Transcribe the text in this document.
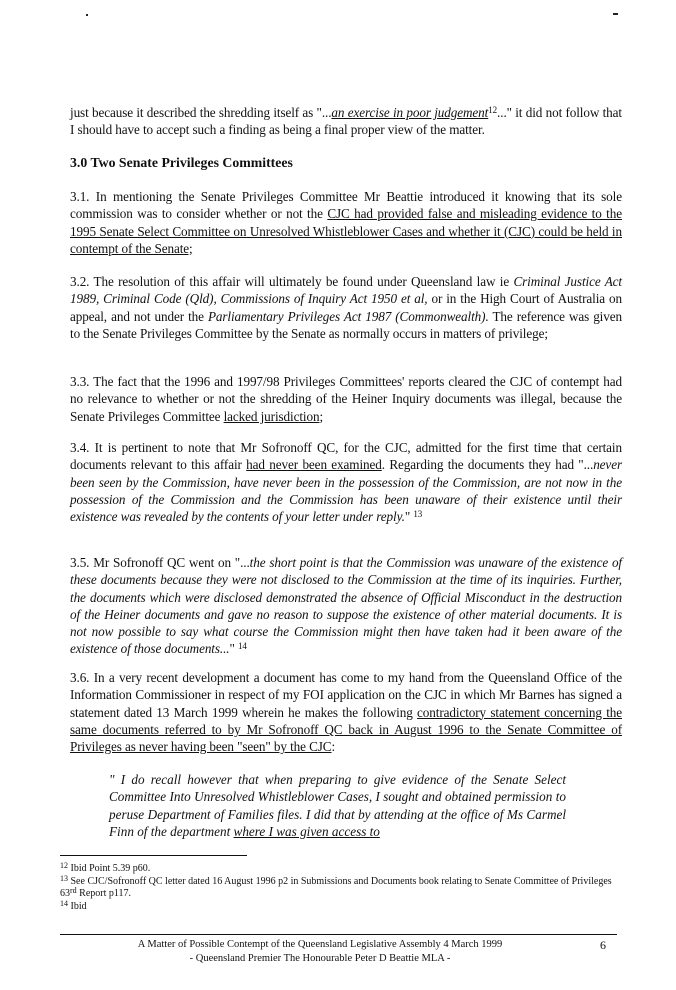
just because it described the shredding itself as "...an exercise in poor judgement$^{12}$..." it did not follow that I should have to accept such a finding as being a final proper view of the matter.
3.0 Two Senate Privileges Committees
3.1. In mentioning the Senate Privileges Committee Mr Beattie introduced it knowing that its sole commission was to consider whether or not the CJC had provided false and misleading evidence to the 1995 Senate Select Committee on Unresolved Whistleblower Cases and whether it (CJC) could be held in contempt of the Senate;
3.2. The resolution of this affair will ultimately be found under Queensland law ie Criminal Justice Act 1989, Criminal Code (Qld), Commissions of Inquiry Act 1950 et al, or in the High Court of Australia on appeal, and not under the Parliamentary Privileges Act 1987 (Commonwealth). The reference was given to the Senate Privileges Committee by the Senate as normally occurs in matters of privilege;
3.3. The fact that the 1996 and 1997/98 Privileges Committees' reports cleared the CJC of contempt had no relevance to whether or not the shredding of the Heiner Inquiry documents was illegal, because the Senate Privileges Committee lacked jurisdiction;
3.4. It is pertinent to note that Mr Sofronoff QC, for the CJC, admitted for the first time that certain documents relevant to this affair had never been examined. Regarding the documents they had "...never been seen by the Commission, have never been in the possession of the Commission, are not now in the possession of the Commission and the Commission has been unaware of their existence until their existence was revealed by the contents of your letter under reply." $^{13}$
3.5. Mr Sofronoff QC went on "...the short point is that the Commission was unaware of the existence of these documents because they were not disclosed to the Commission at the time of its inquiries. Further, the documents which were disclosed demonstrated the absence of Official Misconduct in the destruction of the Heiner documents and gave no reason to suppose the existence of other material documents. It is not now possible to say what course the Commission might then have taken had it been aware of the existence of those documents..." $^{14}$
3.6. In a very recent development a document has come to my hand from the Queensland Office of the Information Commissioner in respect of my FOI application on the CJC in which Mr Barnes has signed a statement dated 13 March 1999 wherein he makes the following contradictory statement concerning the same documents referred to by Mr Sofronoff QC back in August 1996 to the Senate Committee of Privileges as never having been "seen" by the CJC:
" I do recall however that when preparing to give evidence of the Senate Select Committee Into Unresolved Whistleblower Cases, I sought and obtained permission to peruse Department of Families files. I did that by attending at the office of Ms Carmel Finn of the department where I was given access to
$^{12}$ Ibid Point 5.39 p60.
$^{13}$ See CJC/Sofronoff QC letter dated 16 August 1996 p2 in Submissions and Documents book relating to Senate Committee of Privileges 63rd Report p117.
$^{14}$ Ibid
A Matter of Possible Contempt of the Queensland Legislative Assembly 4 March 1999
- Queensland Premier The Honourable Peter D Beattie MLA -
6
